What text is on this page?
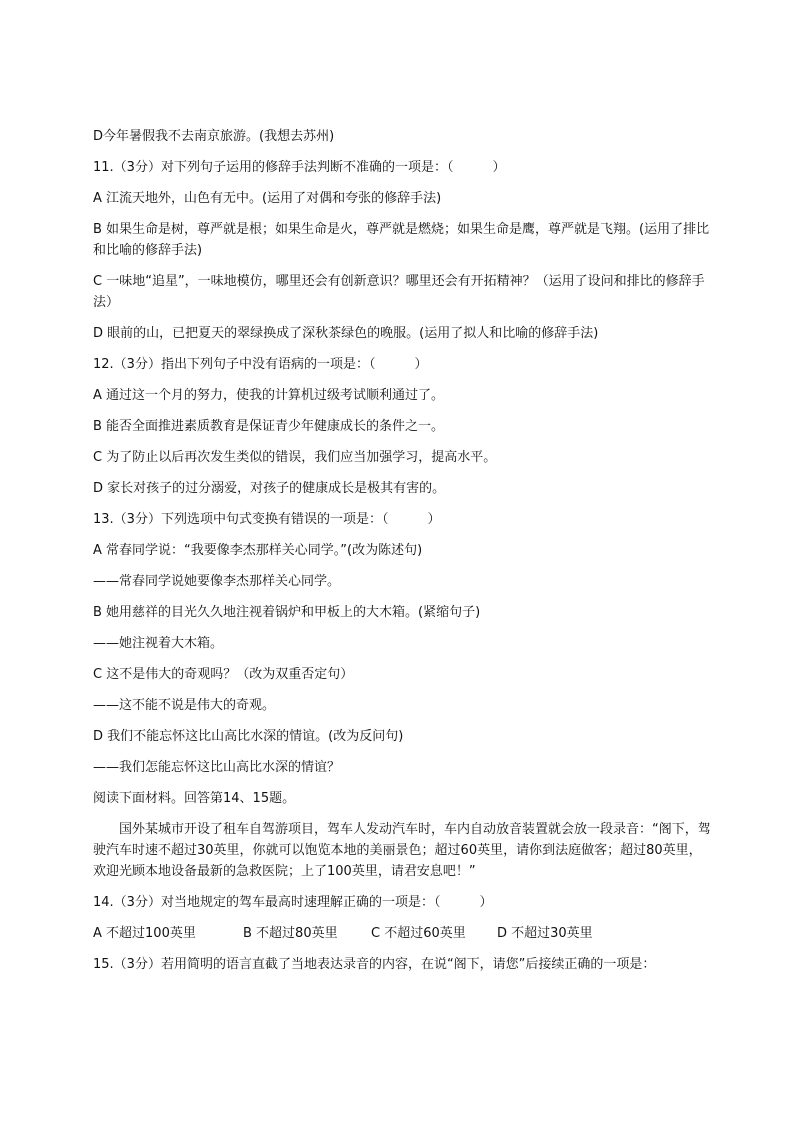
D今年暑假我不去南京旅游。(我想去苏州)
11.（3分）对下列句子运用的修辞手法判断不准确的一项是：（　　　）
A 江流天地外，山色有无中。(运用了对偶和夸张的修辞手法)
B 如果生命是树，尊严就是根；如果生命是火，尊严就是燃烧；如果生命是鹰，尊严就是飞翔。(运用了排比和比喻的修辞手法)
C 一味地“追星”，一味地模仿，哪里还会有创新意识？哪里还会有开拓精神？（运用了设问和排比的修辞手法）
D 眼前的山，已把夏天的翠绿换成了深秋茶绿色的晚服。(运用了拟人和比喻的修辞手法)
12.（3分）指出下列句子中没有语病的一项是：（　　　）
A 通过这一个月的努力，使我的计算机过级考试顺利通过了。
B 能否全面推进素质教育是保证青少年健康成长的条件之一。
C 为了防止以后再次发生类似的错误，我们应当加强学习，提高水平。
D 家长对孩子的过分溺爱，对孩子的健康成长是极其有害的。
13.（3分）下列选项中句式变换有错误的一项是：（　　　）
A 常春同学说：“我要像李杰那样关心同学。”(改为陈述句)
——常春同学说她要像李杰那样关心同学。
B 她用慈祥的目光久久地注视着锅炉和甲板上的大木箱。(紧缩句子)
——她注视着大木箱。
C 这不是伟大的奇观吗？（改为双重否定句）
——这不能不说是伟大的奇观。
D 我们不能忘怀这比山高比水深的情谊。(改为反问句)
——我们怎能忘怀这比山高比水深的情谊？
阅读下面材料。回答第14、15题。
国外某城市开设了租车自驾游项目，驾车人发动汽车时，车内自动放音装置就会放一段录音：“阁下，驾驶汽车时速不超过30英里，你就可以饱览本地的美丽景色；超过60英里，请你到法庭做客；超过80英里，欢迎光顾本地设备最新的急救医院；上了100英里，请君安息吧！”
14.（3分）对当地规定的驾车最高时速理解正确的一项是：（　　　）
A 不超过100英里	B 不超过80英里	C 不超过60英里	D 不超过30英里
15.（3分）若用简明的语言直截了当地表达录音的内容，在说“阁下，请您”后接续正确的一项是：
